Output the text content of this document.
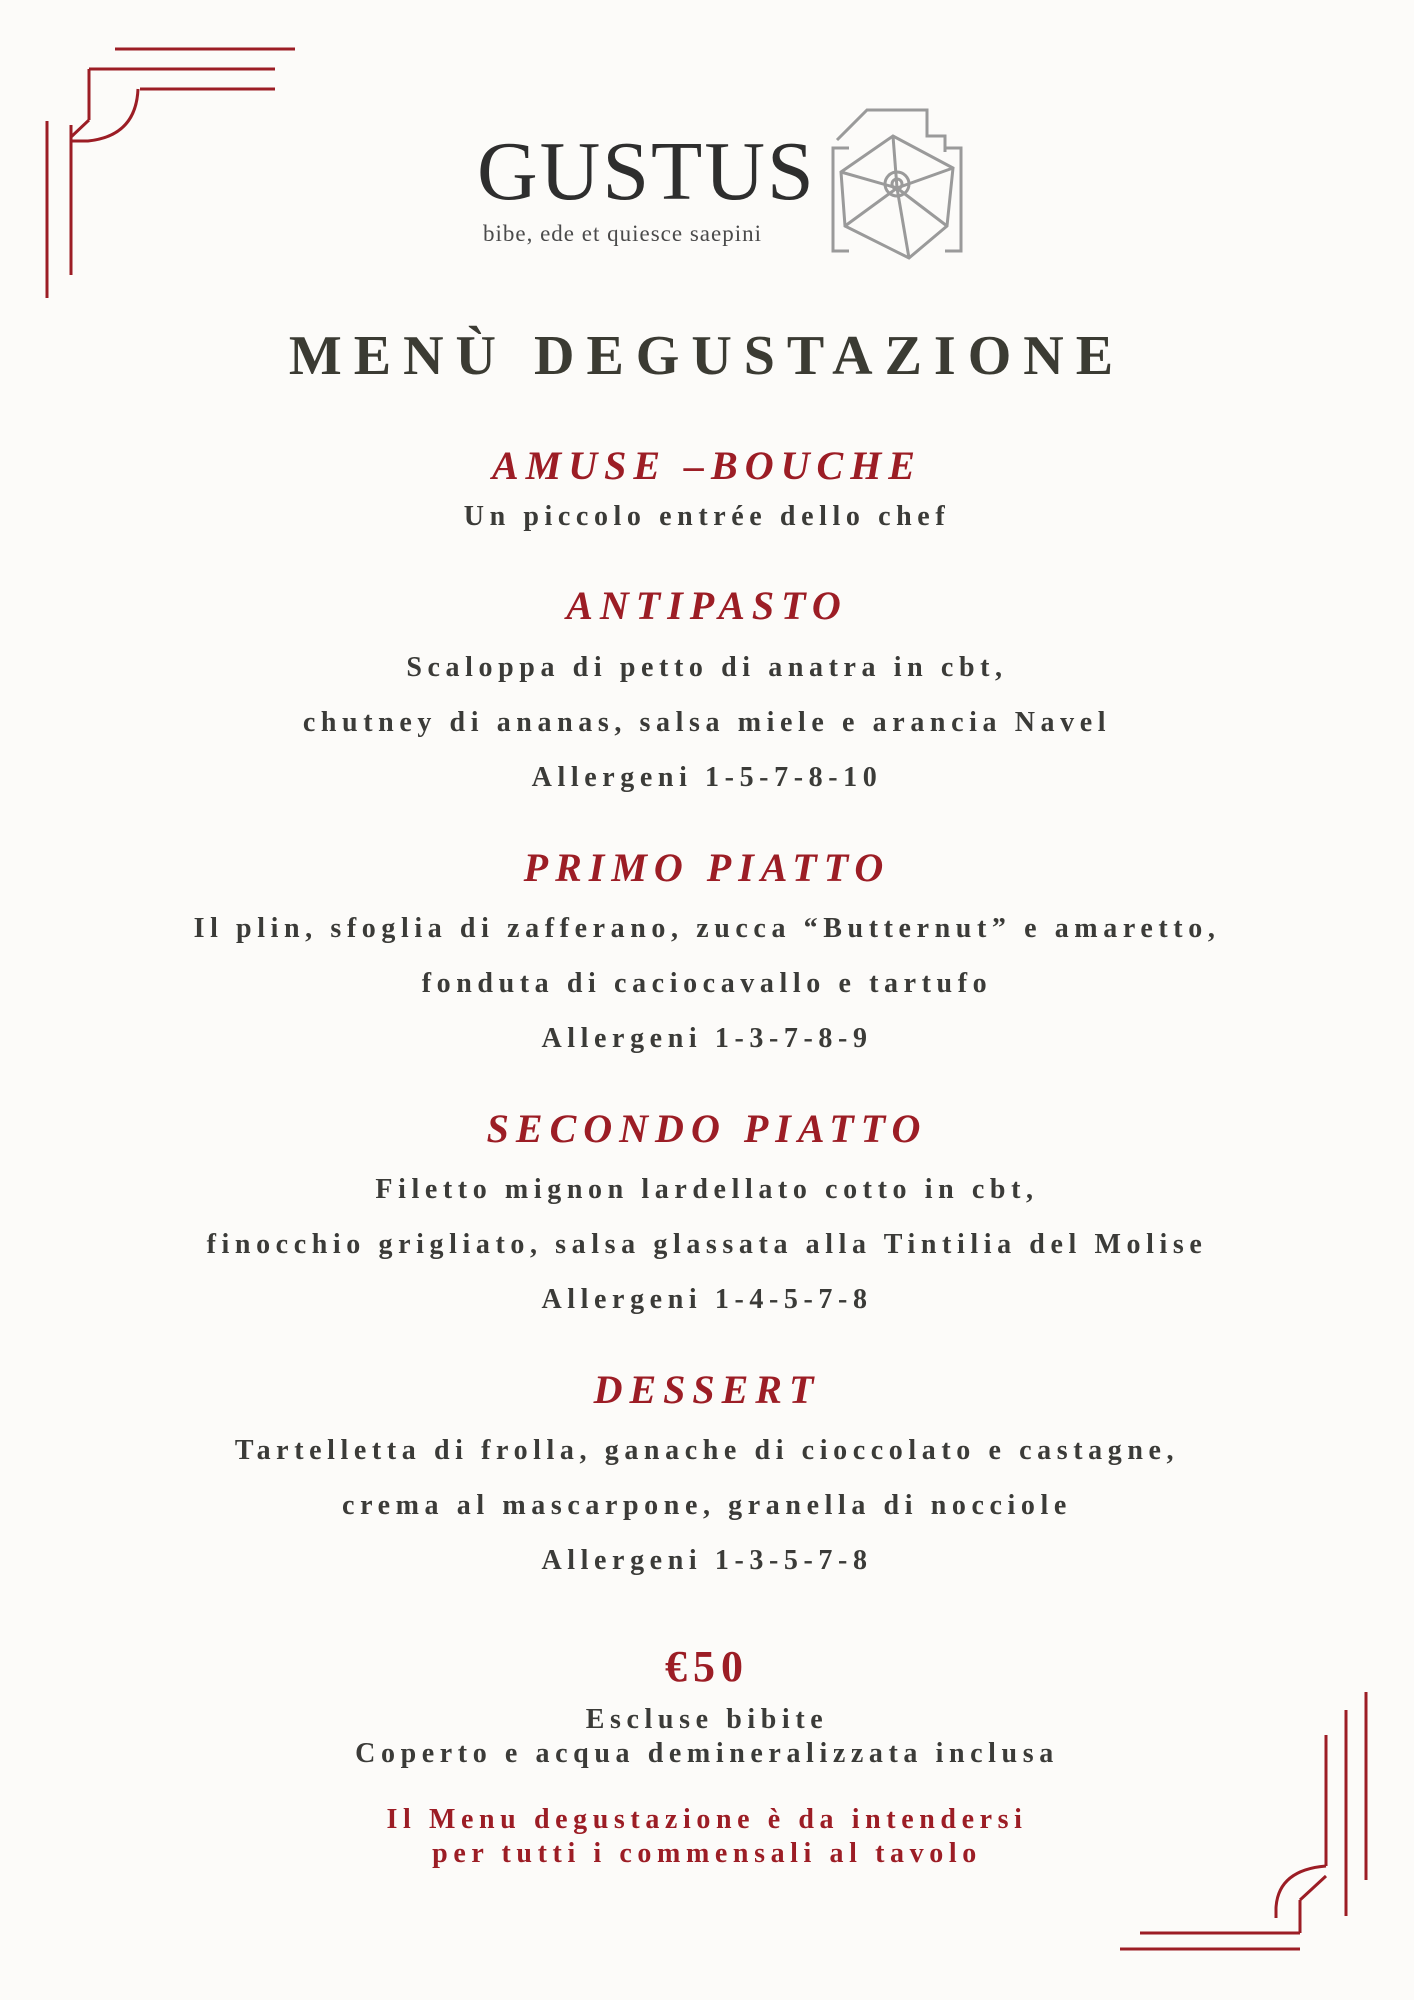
GUSTUS
bibe, ede et quiesce saepini
MENÙ DEGUSTAZIONE
AMUSE –BOUCHE
Un piccolo entrée dello chef
ANTIPASTO
Scaloppa di petto di anatra in cbt,
chutney di ananas, salsa miele e arancia Navel
Allergeni 1-5-7-8-10
PRIMO PIATTO
Il plin, sfoglia di zafferano, zucca “Butternut” e amaretto,
fonduta di caciocavallo e tartufo
Allergeni 1-3-7-8-9
SECONDO PIATTO
Filetto mignon lardellato cotto in cbt,
finocchio grigliato, salsa glassata alla Tintilia del Molise
Allergeni 1-4-5-7-8
DESSERT
Tartelletta di frolla, ganache di cioccolato e castagne,
crema al mascarpone, granella di nocciole
Allergeni 1-3-5-7-8
€50
Escluse bibite
Coperto e acqua demineralizzata inclusa
Il Menu degustazione è da intendersi
per tutti i commensali al tavolo
